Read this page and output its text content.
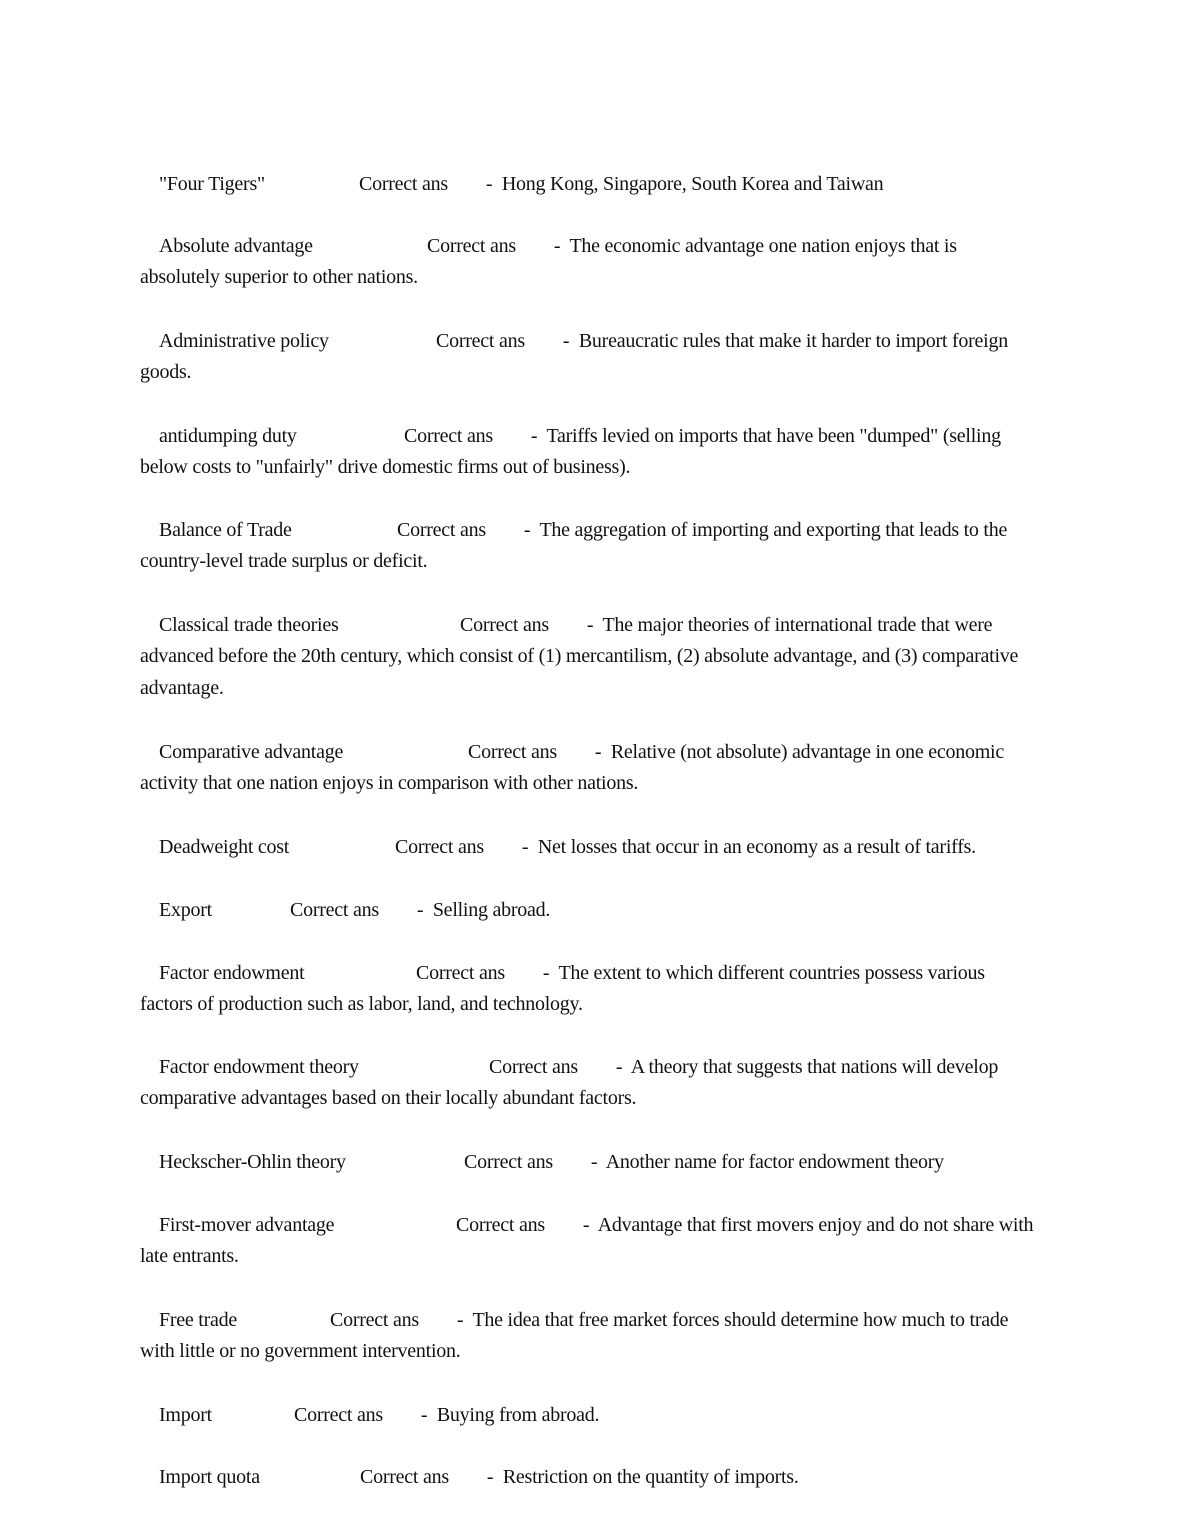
"Four Tigers"	Correct ans        -  Hong Kong, Singapore, South Korea and Taiwan

Absolute advantage	Correct ans        -  The economic advantage one nation enjoys that is absolutely superior to other nations.

Administrative policy	Correct ans        -  Bureaucratic rules that make it harder to import foreign goods.

antidumping duty	Correct ans        -  Tariffs levied on imports that have been "dumped" (selling below costs to "unfairly" drive domestic firms out of business).

Balance of Trade	Correct ans        -  The aggregation of importing and exporting that leads to the country-level trade surplus or deficit.

Classical trade theories	Correct ans        -  The major theories of international trade that were advanced before the 20th century, which consist of (1) mercantilism, (2) absolute advantage, and (3) comparative advantage.

Comparative advantage	Correct ans        -  Relative (not absolute) advantage in one economic activity that one nation enjoys in comparison with other nations.

Deadweight cost	Correct ans        -  Net losses that occur in an economy as a result of tariffs.

Export	Correct ans        -  Selling abroad.

Factor endowment	Correct ans        -  The extent to which different countries possess various factors of production such as labor, land, and technology.

Factor endowment theory	Correct ans        -  A theory that suggests that nations will develop comparative advantages based on their locally abundant factors.

Heckscher-Ohlin theory	Correct ans        -  Another name for factor endowment theory

First-mover advantage	Correct ans        -  Advantage that first movers enjoy and do not share with late entrants.

Free trade	Correct ans        -  The idea that free market forces should determine how much to trade with little or no government intervention.

Import	Correct ans        -  Buying from abroad.

Import quota	Correct ans        -  Restriction on the quantity of imports.
